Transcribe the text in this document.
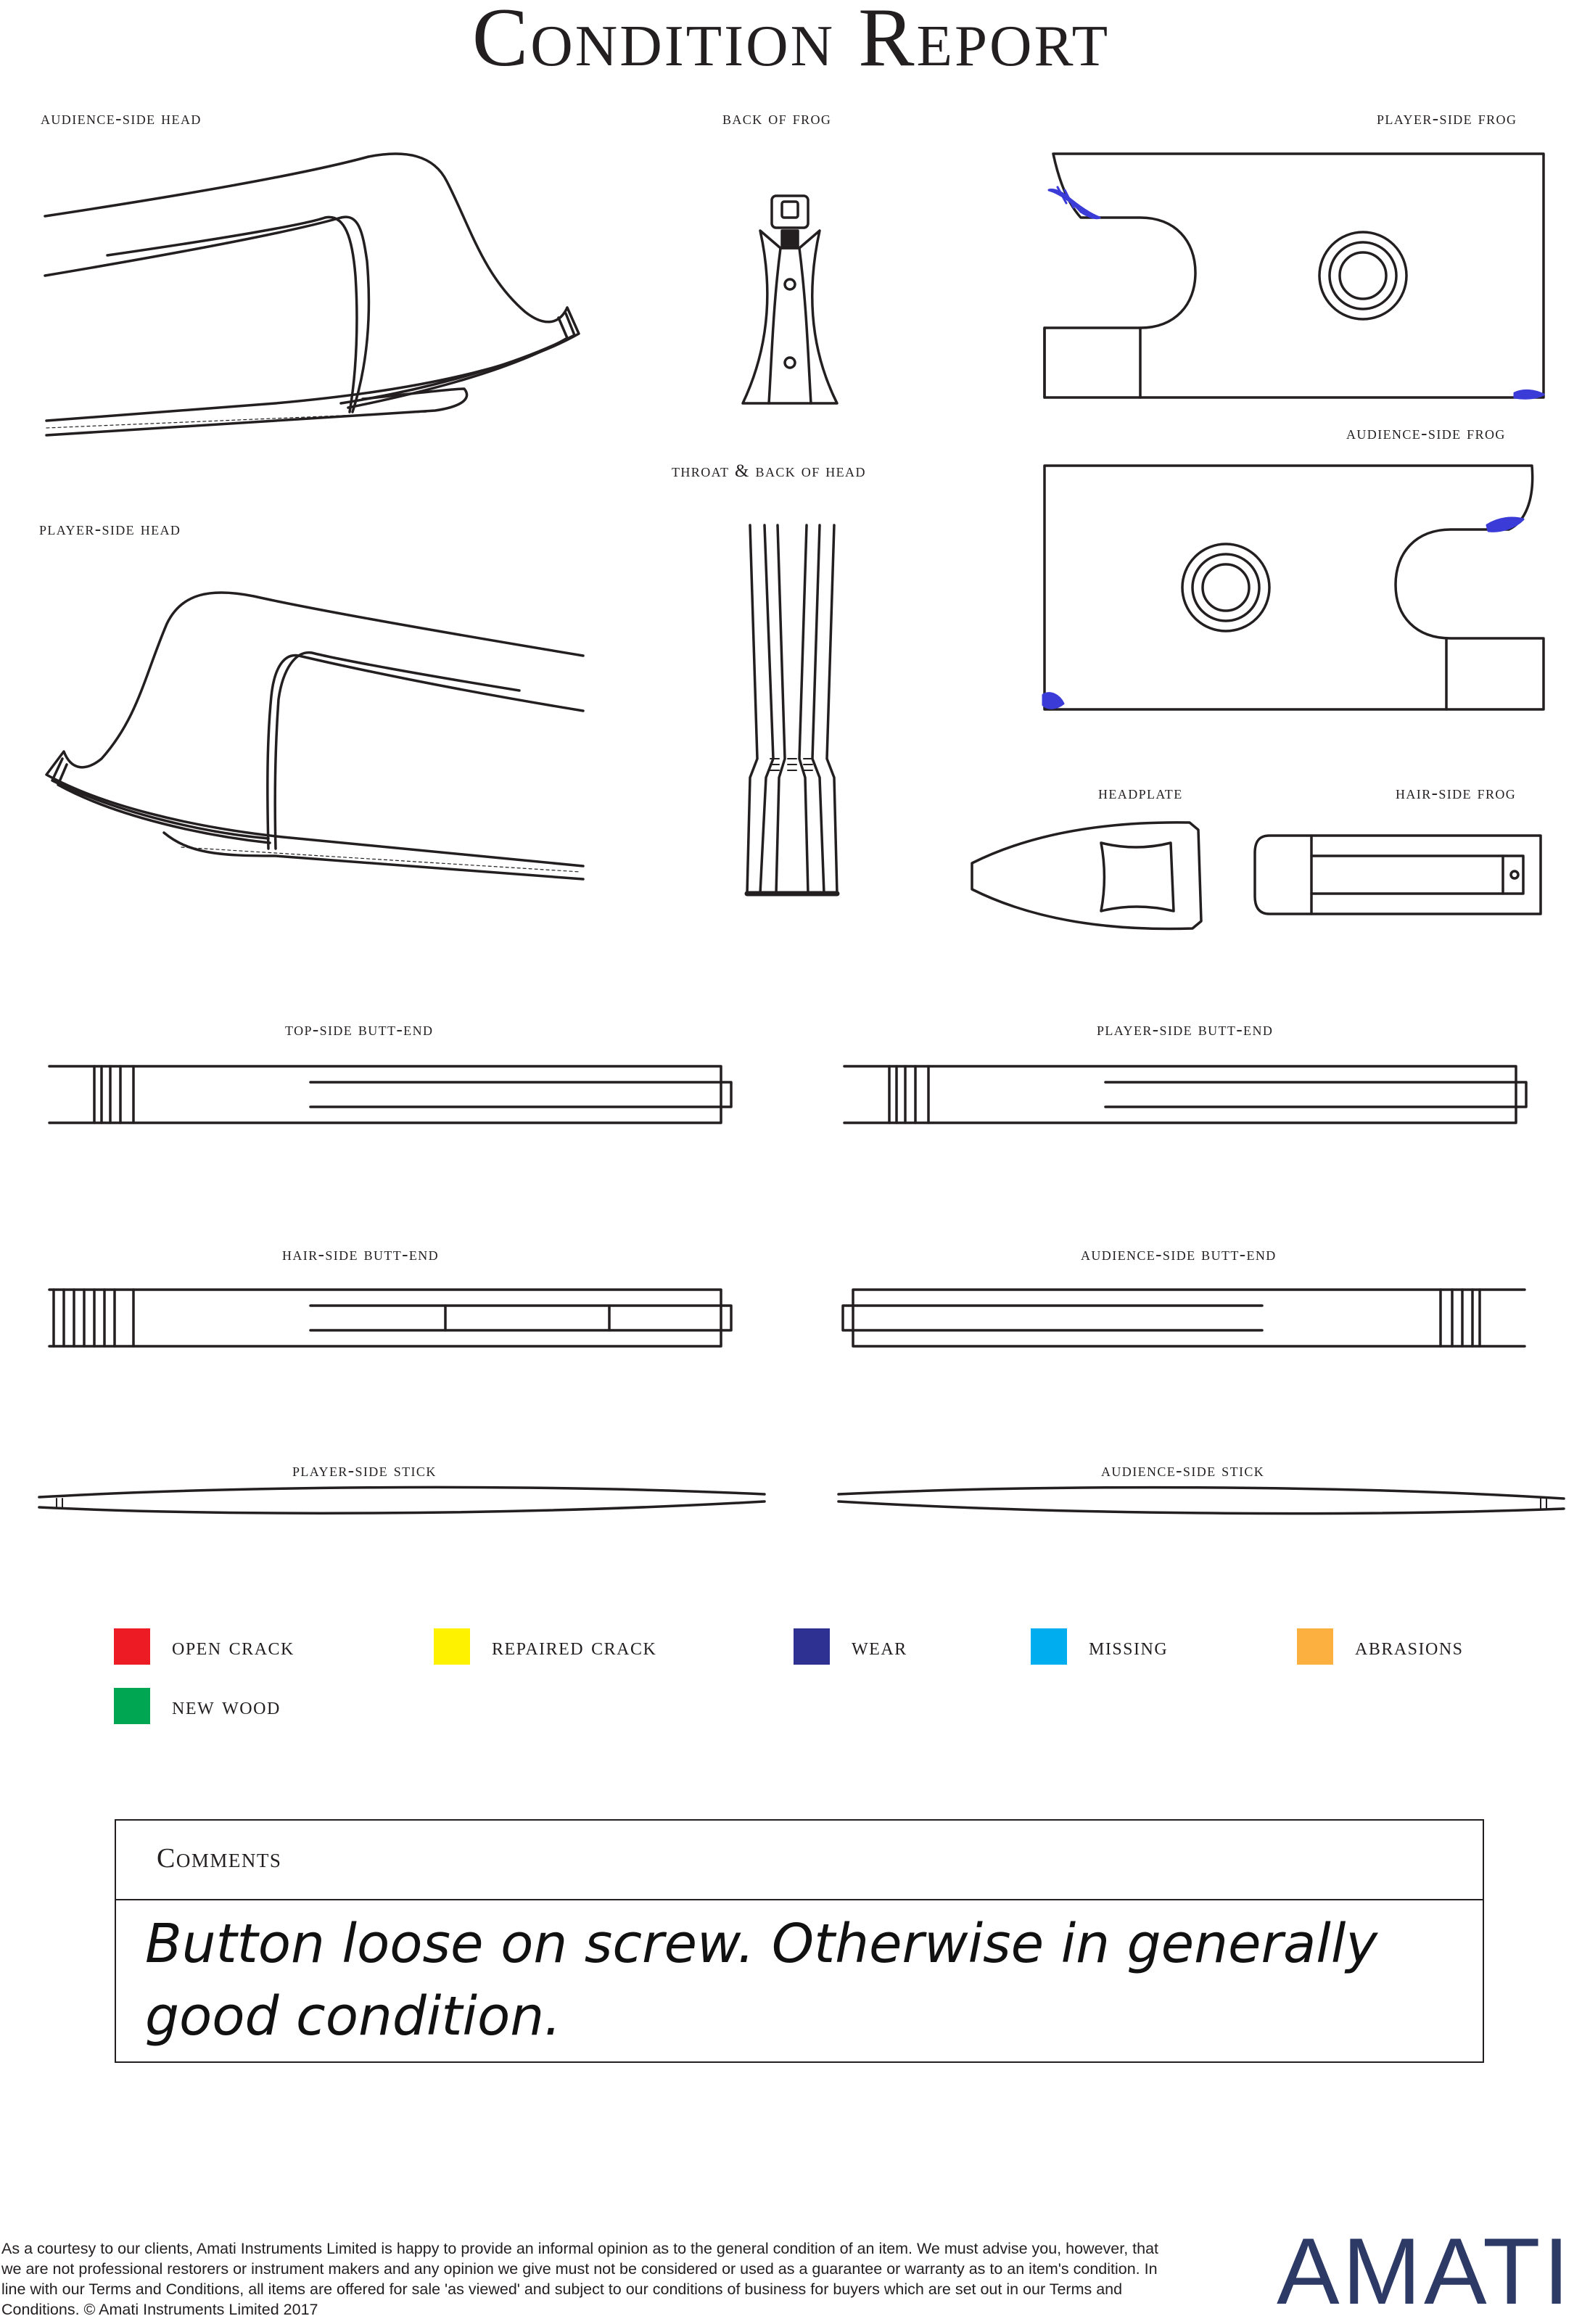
Condition Report
audience-side head	back of frog	player-side frog
audience-side frog
throat & back of head
player-side head
headplate	hair-side frog
top-side butt-end	player-side butt-end
hair-side butt-end	audience-side butt-end
player-side stick	audience-side stick
open crack	repaired crack	wear	missing	abrasions
new wood
Comments
Button loose on screw. Otherwise in generally good condition.
As a courtesy to our clients, Amati Instruments Limited is happy to provide an informal opinion as to the general condition of an item. We must advise you, however, that we are not professional restorers or instrument makers and any opinion we give must not be considered or used as a guarantee or warranty as to an item's condition. In line with our Terms and Conditions, all items are offered for sale 'as viewed' and subject to our conditions of business for buyers which are set out in our Terms and Conditions. © Amati Instruments Limited 2017	AMATI
